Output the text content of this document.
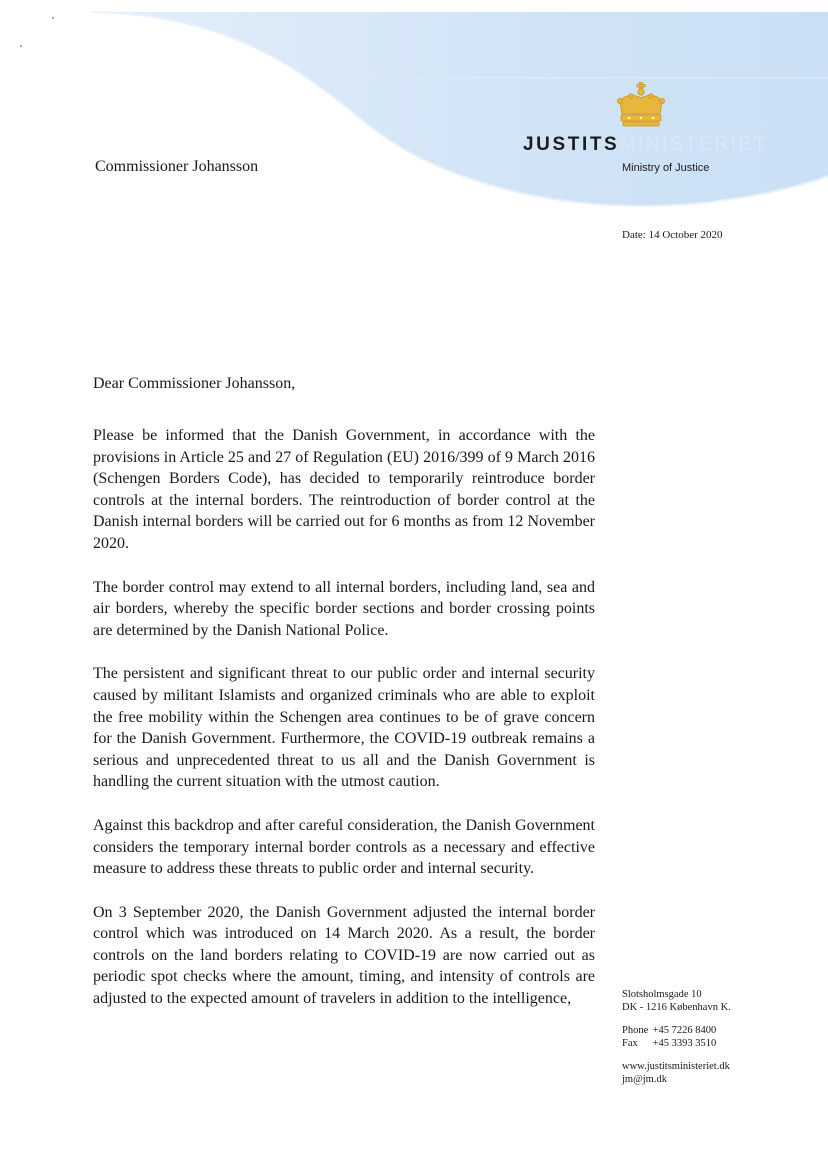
JUSTITSMINISTERIET
Ministry of Justice
Commissioner Johansson
Date: 14 October 2020

Dear Commissioner Johansson,

Please be informed that the Danish Government, in accordance with the provisions in Article 25 and 27 of Regulation (EU) 2016/399 of 9 March 2016 (Schengen Borders Code), has decided to temporarily reintroduce border controls at the internal borders. The reintroduction of border control at the Danish internal borders will be carried out for 6 months as from 12 November 2020.

The border control may extend to all internal borders, including land, sea and air borders, whereby the specific border sections and border crossing points are determined by the Danish National Police.

The persistent and significant threat to our public order and internal security caused by militant Islamists and organized criminals who are able to exploit the free mobility within the Schengen area continues to be of grave concern for the Danish Government. Furthermore, the COVID-19 outbreak remains a serious and unprecedented threat to us all and the Danish Government is handling the current situation with the utmost caution.

Against this backdrop and after careful consideration, the Danish Government considers the temporary internal border controls as a necessary and effective measure to address these threats to public order and internal security.

On 3 September 2020, the Danish Government adjusted the internal border control which was introduced on 14 March 2020. As a result, the border controls on the land borders relating to COVID-19 are now carried out as periodic spot checks where the amount, timing, and intensity of controls are adjusted to the expected amount of travelers in addition to the intelligence,	Slotsholmsgade 10
DK - 1216 København K.
Phone +45 7226 8400
Fax +45 3393 3510
www.justitsministeriet.dk
jm@jm.dk
